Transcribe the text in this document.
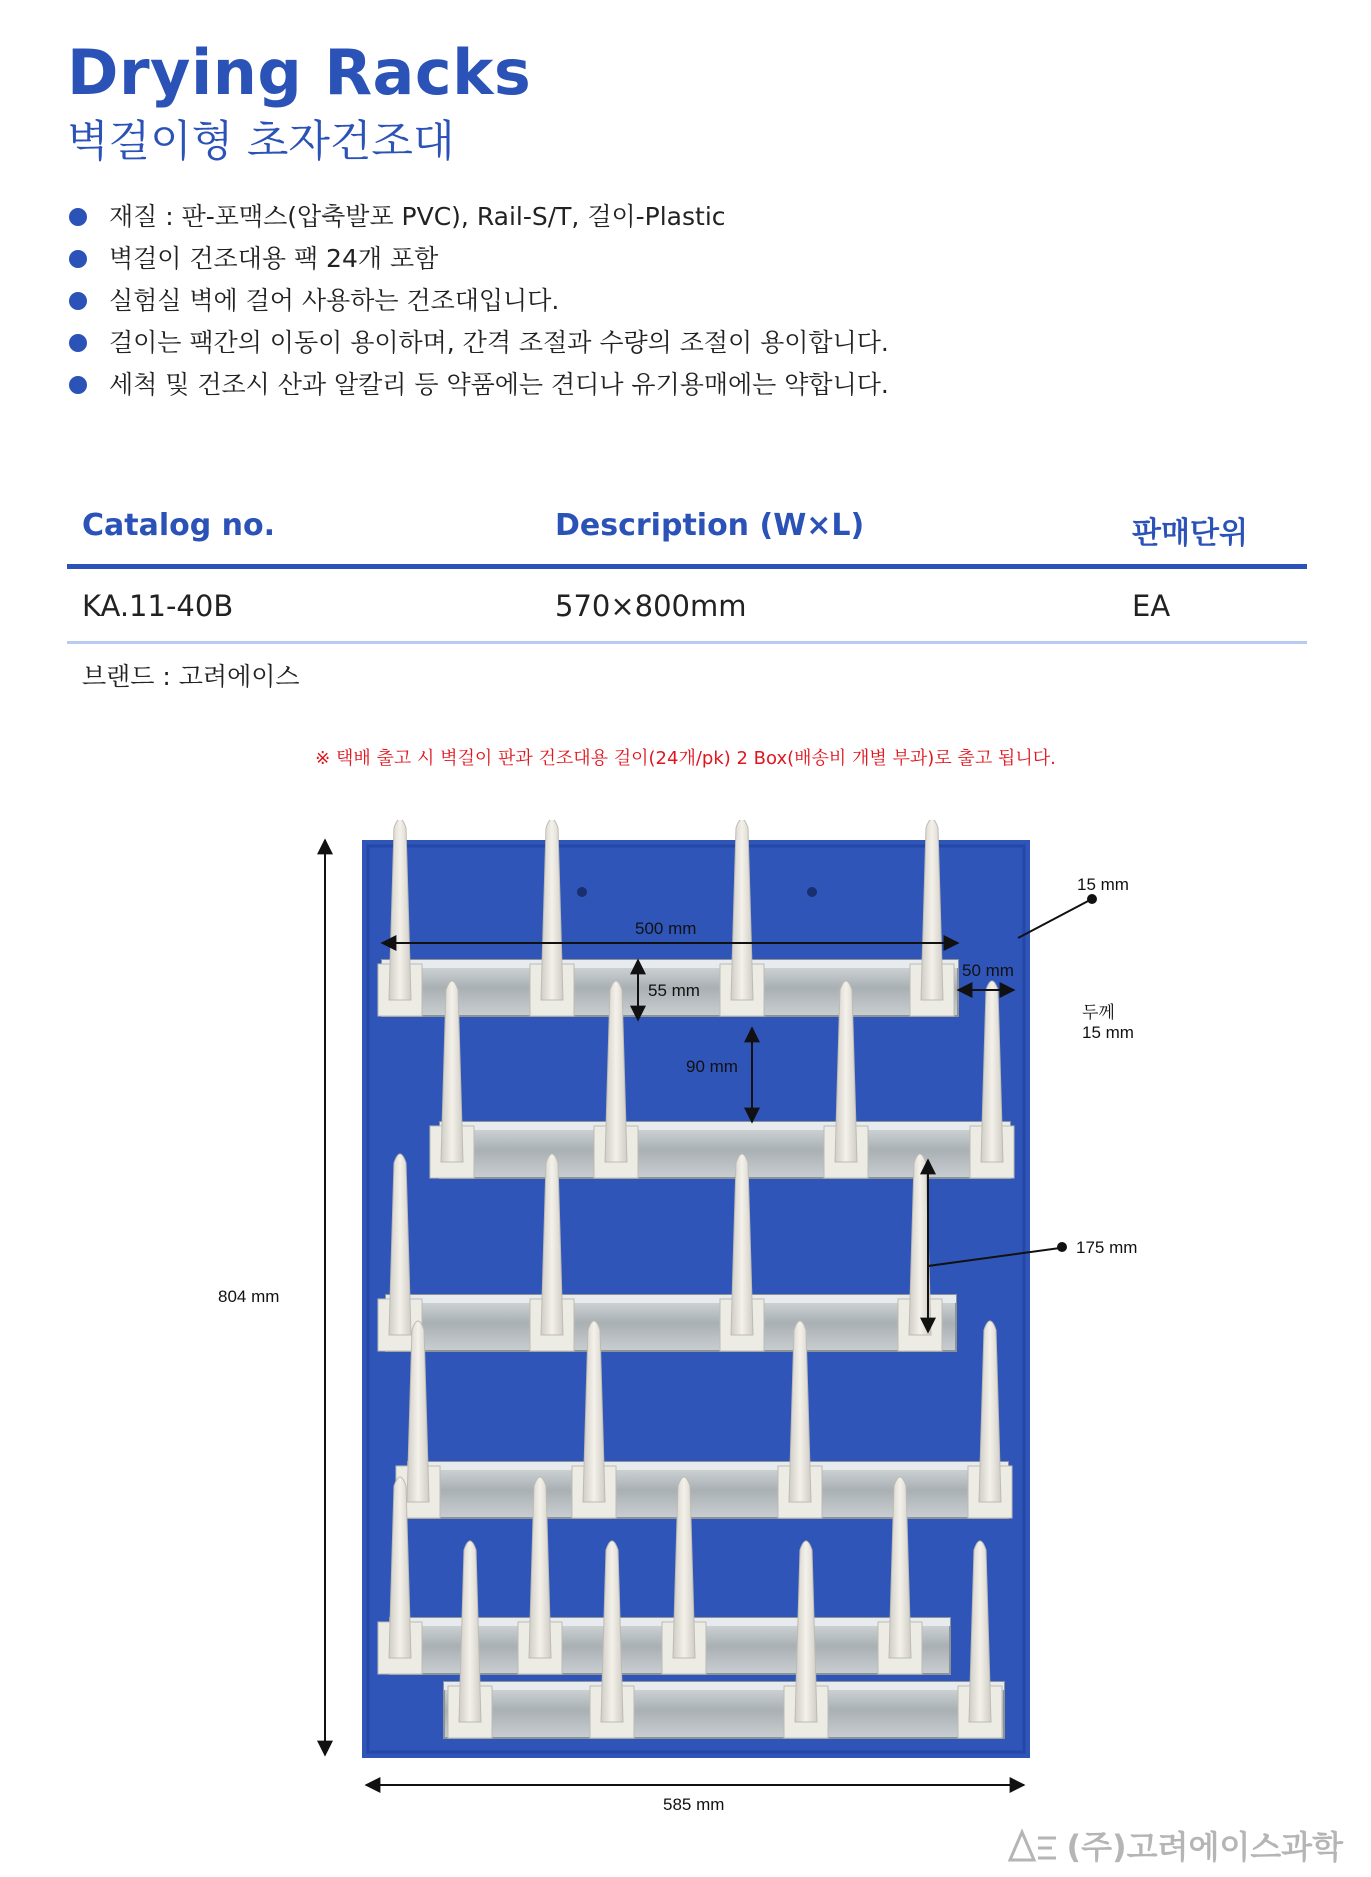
Drying Racks
벽걸이형 초자건조대
재질 : 판-포맥스(압축발포 PVC), Rail-S/T, 걸이-Plastic
벽걸이 건조대용 팩 24개 포함
실험실 벽에 걸어 사용하는 건조대입니다.
걸이는 팩간의 이동이 용이하며, 간격 조절과 수량의 조절이 용이합니다.
세척 및 건조시 산과 알칼리 등 약품에는 견디나 유기용매에는 약합니다.
Catalog no.	Description (W×L)	판매단위
KA.11-40B	570×800mm	EA
브랜드 : 고려에이스
※ 택배 출고 시 벽걸이 판과 건조대용 걸이(24개/pk) 2 Box(배송비 개별 부과)로 출고 됩니다.
804 mm
585 mm
500 mm
15 mm
50 mm
55 mm
90 mm
두께
15 mm
175 mm
(주)고려에이스과학
